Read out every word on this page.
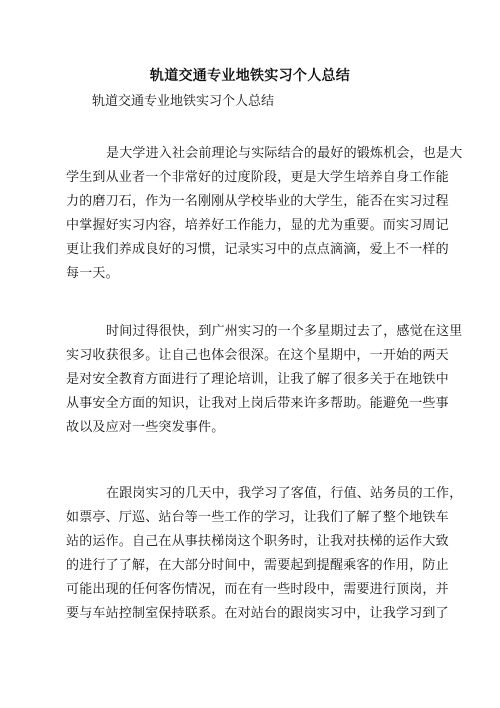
轨道交通专业地铁实习个人总结
轨道交通专业地铁实习个人总结
是大学进入社会前理论与实际结合的最好的锻炼机会，也是大
学生到从业者一个非常好的过度阶段，更是大学生培养自身工作能
力的磨刀石，作为一名刚刚从学校毕业的大学生，能否在实习过程
中掌握好实习内容，培养好工作能力，显的尤为重要。而实习周记
更让我们养成良好的习惯，记录实习中的点点滴滴，爱上不一样的
每一天。
时间过得很快，到广州实习的一个多星期过去了，感觉在这里
实习收获很多。让自己也体会很深。在这个星期中，一开始的两天
是对安全教育方面进行了理论培训，让我了解了很多关于在地铁中
从事安全方面的知识，让我对上岗后带来许多帮助。能避免一些事
故以及应对一些突发事件。
在跟岗实习的几天中，我学习了客值，行值、站务员的工作，
如票亭、厅巡、站台等一些工作的学习，让我们了解了整个地铁车
站的运作。自己在从事扶梯岗这个职务时，让我对扶梯的运作大致
的进行了了解，在大部分时间中，需要起到提醒乘客的作用，防止
可能出现的任何客伤情况，而在有一些时段中，需要进行顶岗，并
要与车站控制室保持联系。在对站台的跟岗实习中，让我学习到了
